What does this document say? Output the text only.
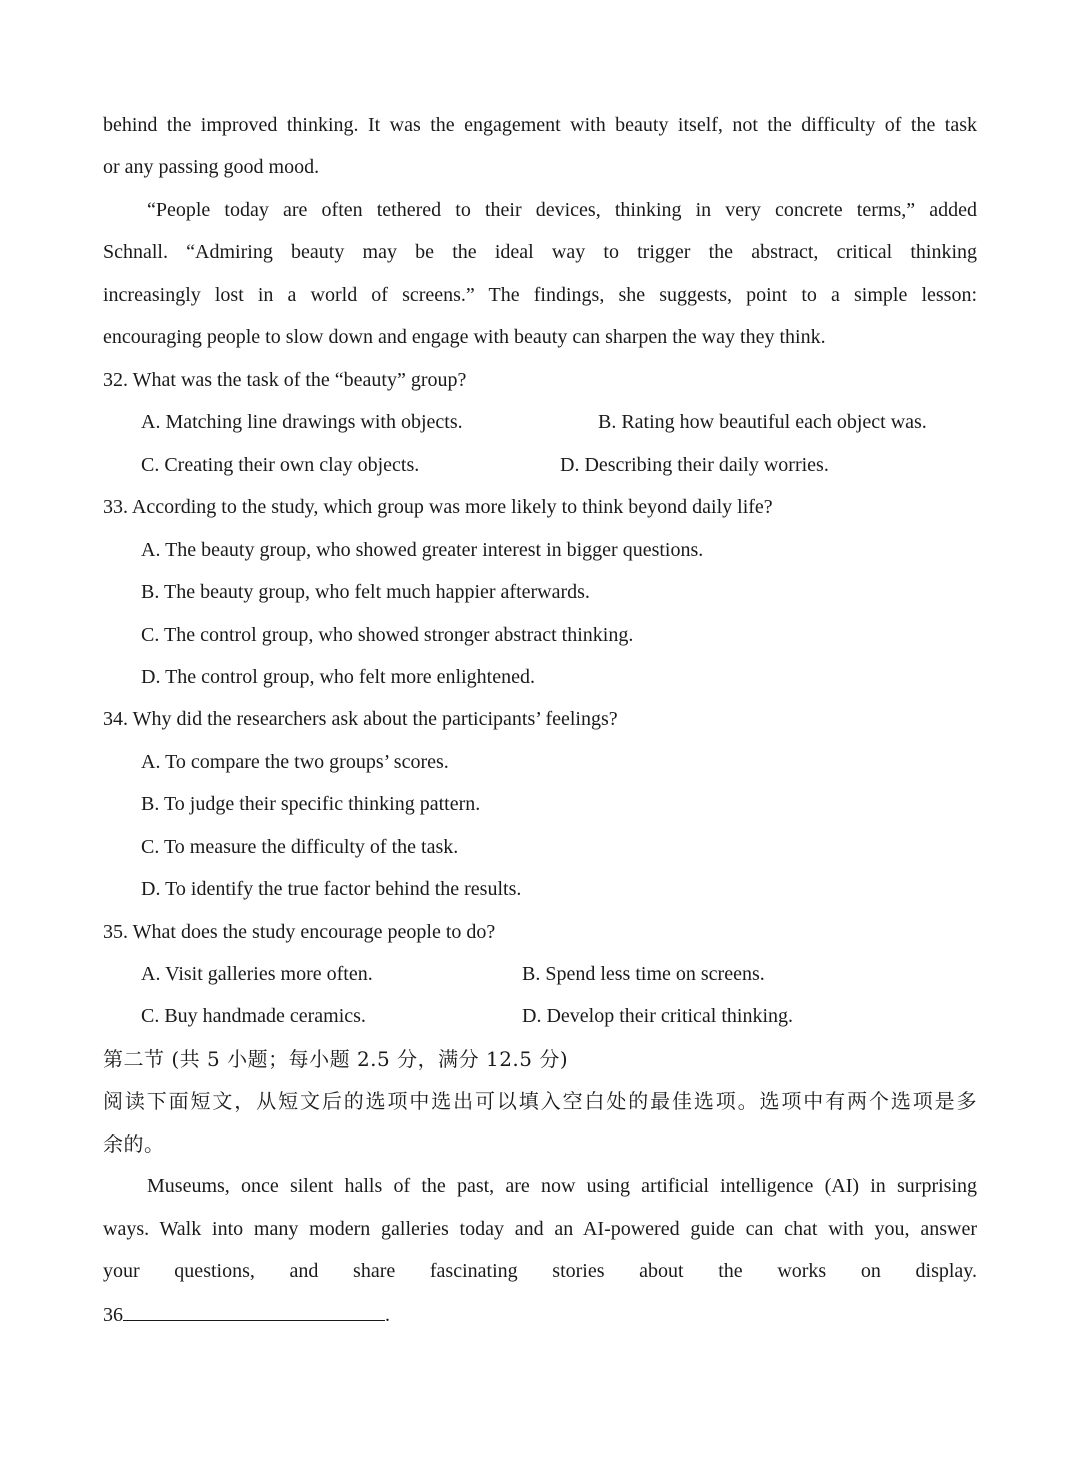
behind the improved thinking. It was the engagement with beauty itself, not the difficulty of the task
or any passing good mood.
“People today are often tethered to their devices, thinking in very concrete terms,” added
Schnall. “Admiring beauty may be the ideal way to trigger the abstract, critical thinking
increasingly lost in a world of screens.” The findings, she suggests, point to a simple lesson:
encouraging people to slow down and engage with beauty can sharpen the way they think.
32. What was the task of the “beauty” group?
A. Matching line drawings with objects.	B. Rating how beautiful each object was.
C. Creating their own clay objects.	D. Describing their daily worries.
33. According to the study, which group was more likely to think beyond daily life?
A. The beauty group, who showed greater interest in bigger questions.
B. The beauty group, who felt much happier afterwards.
C. The control group, who showed stronger abstract thinking.
D. The control group, who felt more enlightened.
34. Why did the researchers ask about the participants’ feelings?
A. To compare the two groups’ scores.
B. To judge their specific thinking pattern.
C. To measure the difficulty of the task.
D. To identify the true factor behind the results.
35. What does the study encourage people to do?
A. Visit galleries more often.	B. Spend less time on screens.
C. Buy handmade ceramics.	D. Develop their critical thinking.
第二节 (共 5 小题；每小题 2.5 分，满分 12.5 分)
阅读下面短文，从短文后的选项中选出可以填入空白处的最佳选项。选项中有两个选项是多
余的。
Museums, once silent halls of the past, are now using artificial intelligence (AI) in surprising
ways. Walk into many modern galleries today and an AI-powered guide can chat with you, answer
your questions, and share fascinating stories about the works on display.
36	.
